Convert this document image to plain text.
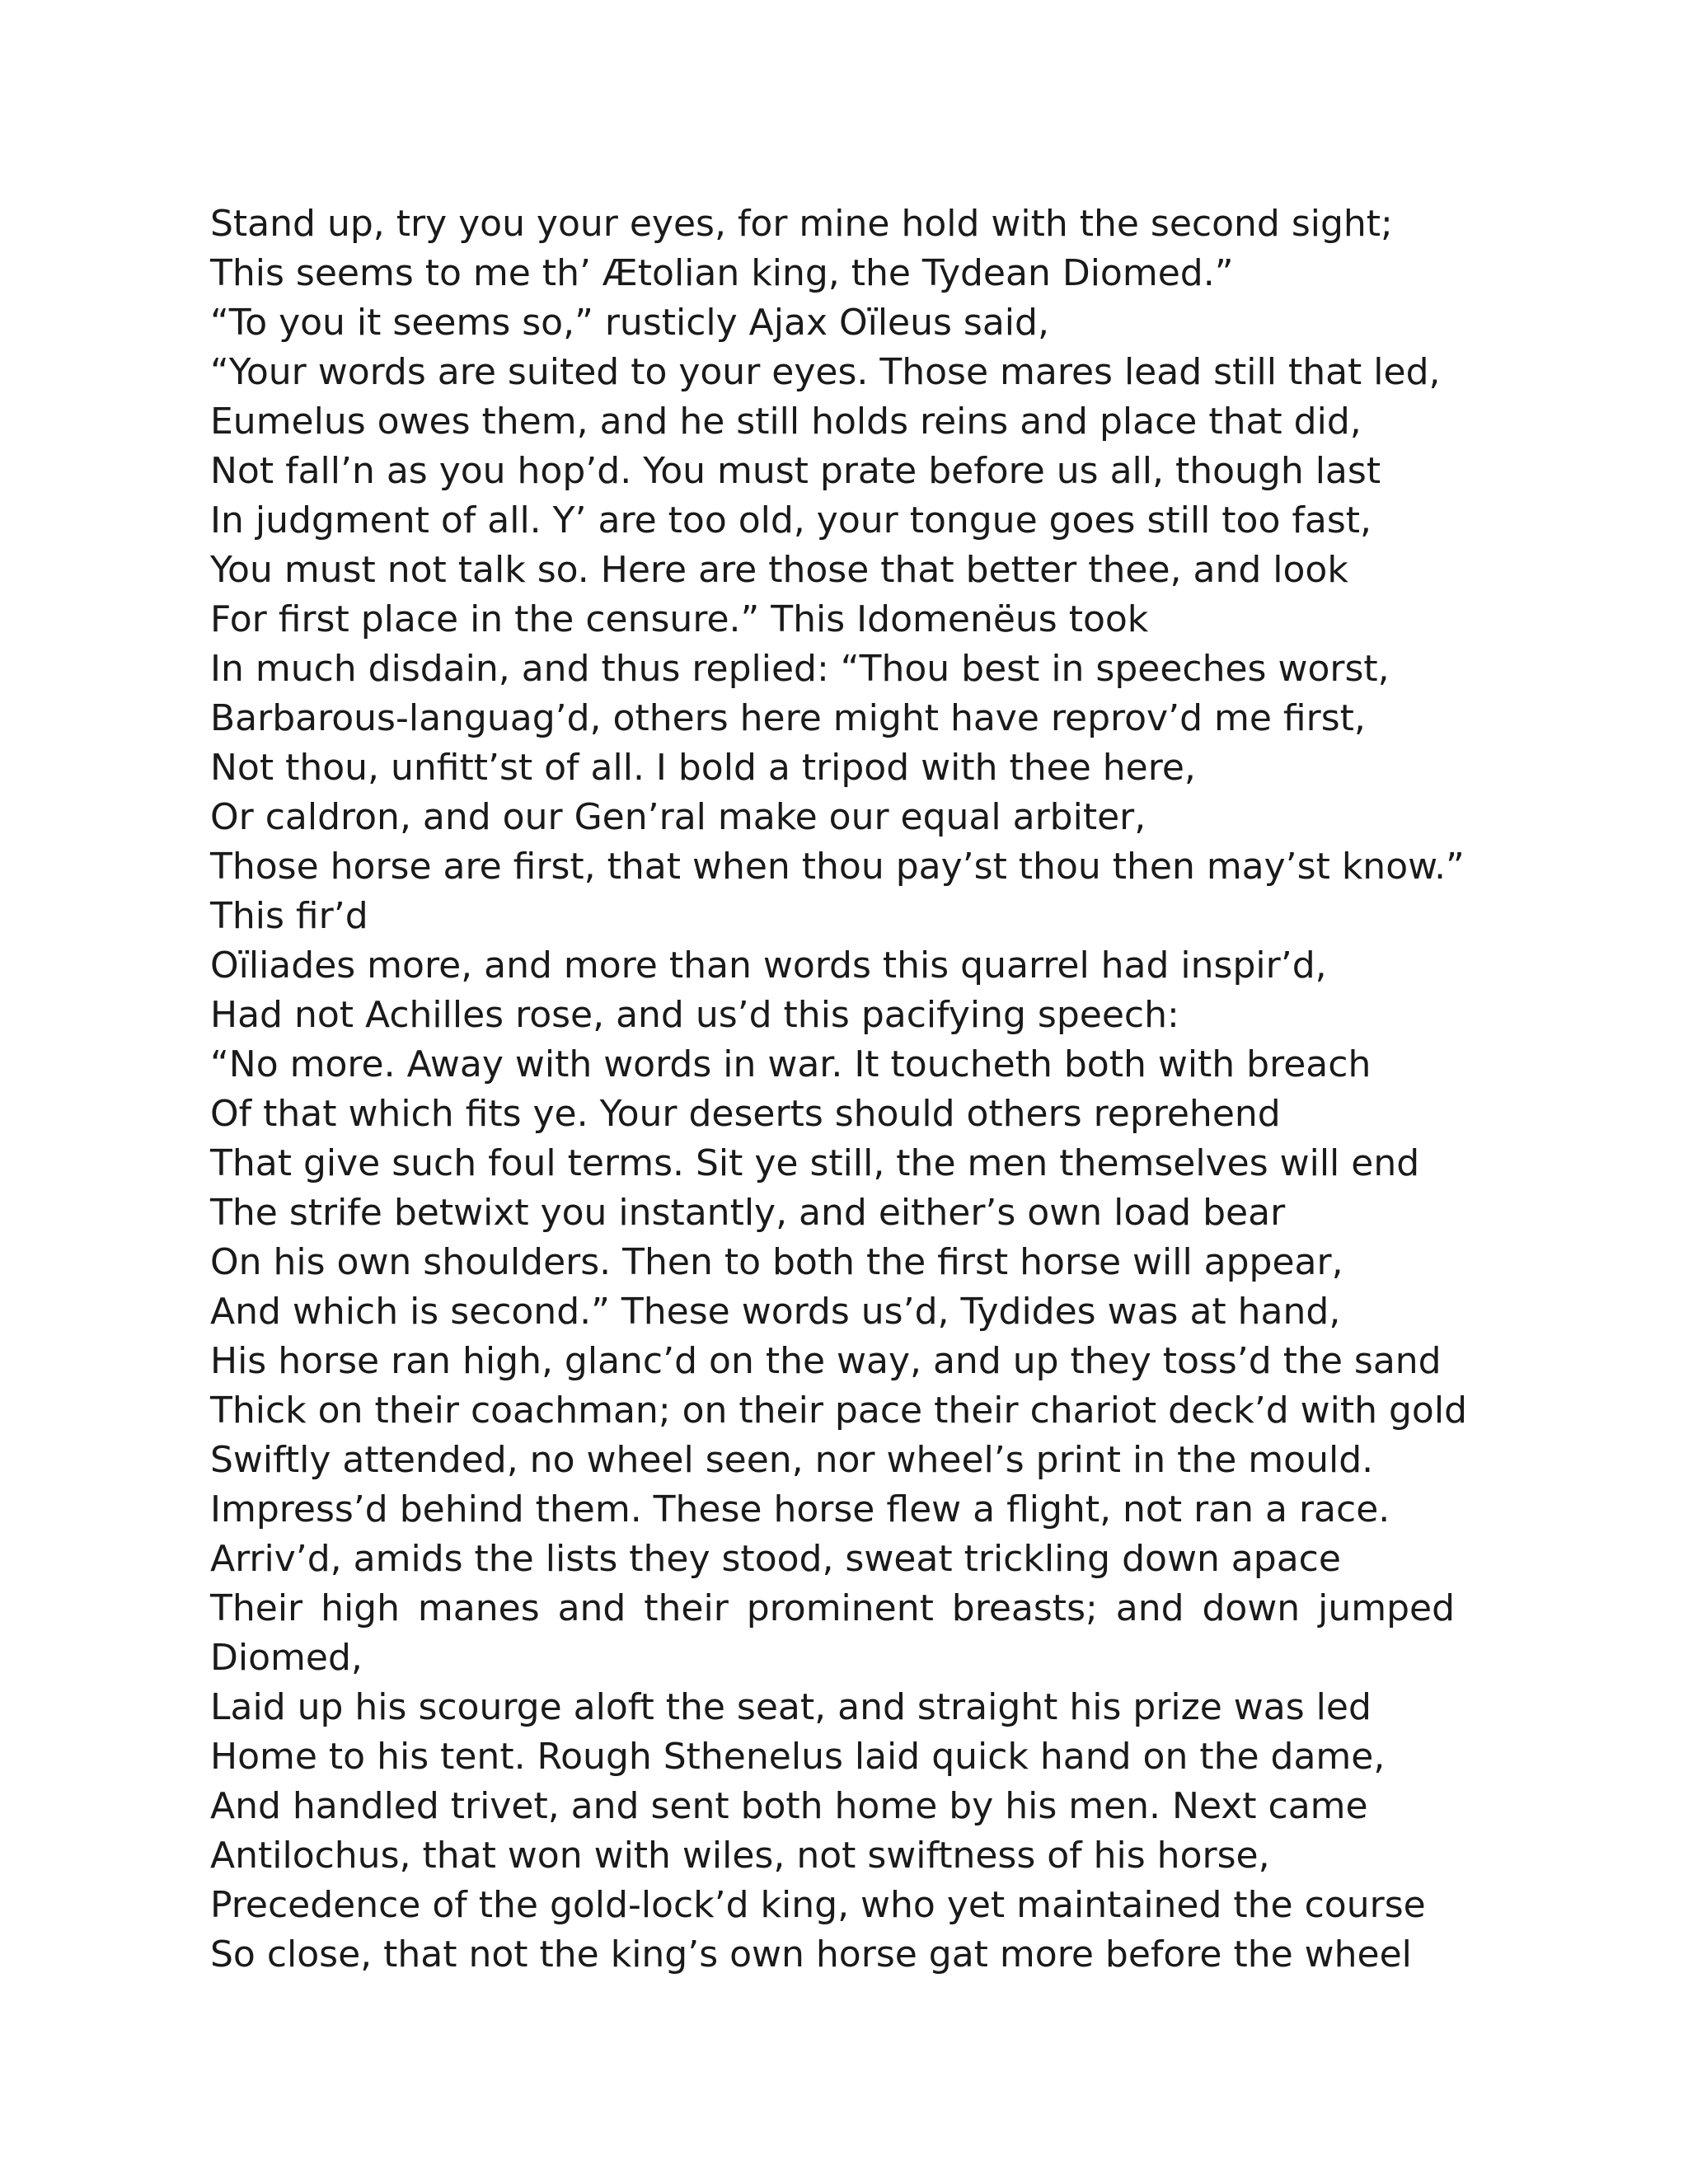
Stand up, try you your eyes, for mine hold with the second sight;
This seems to me th’ Ætolian king, the Tydean Diomed.”
“To you it seems so,” rusticly Ajax Oïleus said,
“Your words are suited to your eyes. Those mares lead still that led,
Eumelus owes them, and he still holds reins and place that did,
Not fall’n as you hop’d. You must prate before us all, though last
In judgment of all. Y’ are too old, your tongue goes still too fast,
You must not talk so. Here are those that better thee, and look
For first place in the censure.” This Idomenëus took
In much disdain, and thus replied: “Thou best in speeches worst,
Barbarous-languag’d, others here might have reprov’d me first,
Not thou, unfitt’st of all. I bold a tripod with thee here,
Or caldron, and our Gen’ral make our equal arbiter,
Those horse are first, that when thou pay’st thou then may’st know.”
This fir’d
Oïliades more, and more than words this quarrel had inspir’d,
Had not Achilles rose, and us’d this pacifying speech:
“No more. Away with words in war. It toucheth both with breach
Of that which fits ye. Your deserts should others reprehend
That give such foul terms. Sit ye still, the men themselves will end
The strife betwixt you instantly, and either’s own load bear
On his own shoulders. Then to both the first horse will appear,
And which is second.” These words us’d, Tydides was at hand,
His horse ran high, glanc’d on the way, and up they toss’d the sand
Thick on their coachman; on their pace their chariot deck’d with gold
Swiftly attended, no wheel seen, nor wheel’s print in the mould.
Impress’d behind them. These horse flew a flight, not ran a race.
Arriv’d, amids the lists they stood, sweat trickling down apace
Their high manes and their prominent breasts; and down jumped
Diomed,
Laid up his scourge aloft the seat, and straight his prize was led
Home to his tent. Rough Sthenelus laid quick hand on the dame,
And handled trivet, and sent both home by his men. Next came
Antilochus, that won with wiles, not swiftness of his horse,
Precedence of the gold-lock’d king, who yet maintained the course
So close, that not the king’s own horse gat more before the wheel
